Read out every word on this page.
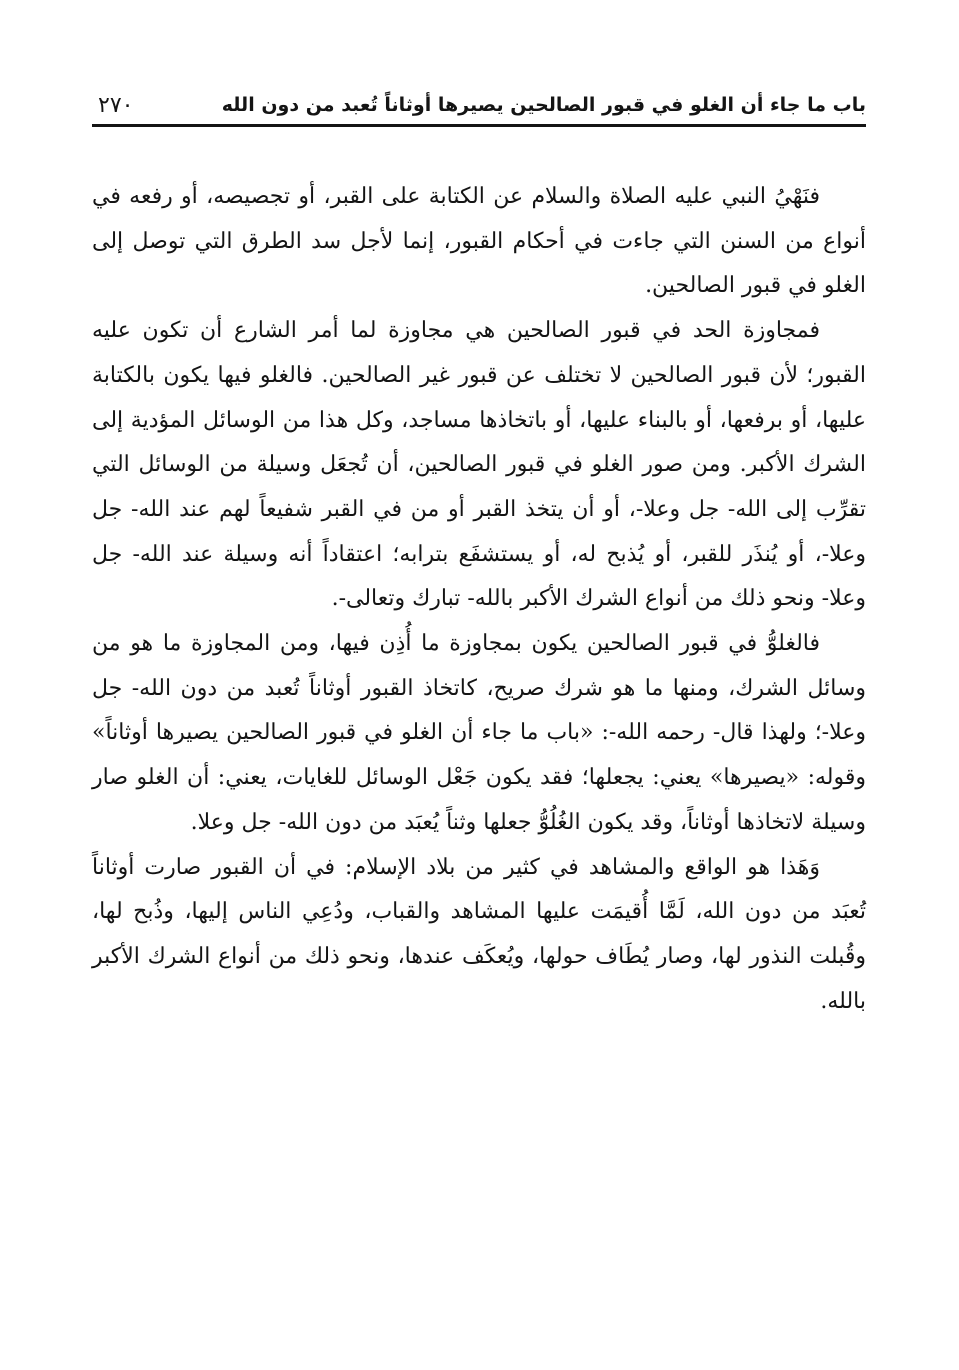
باب ما جاء أن الغلو في قبور الصالحين يصيرها أوثاناً تُعبد من دون الله
٢٧٠

فنَهْيُ النبي عليه الصلاة والسلام عن الكتابة على القبر، أو تجصيصه، أو رفعه في أنواع من السنن التي جاءت في أحكام القبور، إنما لأجل سد الطرق التي توصل إلى الغلو في قبور الصالحين.

فمجاوزة الحد في قبور الصالحين هي مجاوزة لما أمر الشارع أن تكون عليه القبور؛ لأن قبور الصالحين لا تختلف عن قبور غير الصالحين. فالغلو فيها يكون بالكتابة عليها، أو برفعها، أو بالبناء عليها، أو باتخاذها مساجد، وكل هذا من الوسائل المؤدية إلى الشرك الأكبر. ومن صور الغلو في قبور الصالحين، أن تُجعَل وسيلة من الوسائل التي تقرِّب إلى الله- جل وعلا-، أو أن يتخذ القبر أو من في القبر شفيعاً لهم عند الله- جل وعلا-، أو يُنذَر للقبر، أو يُذبح له، أو يستشفَع بترابه؛ اعتقاداً أنه وسيلة عند الله- جل وعلا- ونحو ذلك من أنواع الشرك الأكبر بالله- تبارك وتعالى-.

فالغلوُّ في قبور الصالحين يكون بمجاوزة ما أُذِن فيها، ومن المجاوزة ما هو من وسائل الشرك، ومنها ما هو شرك صريح، كاتخاذ القبور أوثاناً تُعبد من دون الله- جل وعلا-؛ ولهذا قال- رحمه الله-: «باب ما جاء أن الغلو في قبور الصالحين يصيرها أوثاناً» وقوله: «يصيرها» يعني: يجعلها؛ فقد يكون جَعْل الوسائل للغايات، يعني: أن الغلو صار وسيلة لاتخاذها أوثاناً، وقد يكون الغُلُوُّ جعلها وثناً يُعبَد من دون الله- جل وعلا.

وَهَذا هو الواقع والمشاهد في كثير من بلاد الإسلام: في أن القبور صارت أوثاناً تُعبَد من دون الله، لَمَّا أُقيمَت عليها المشاهد والقباب، ودُعِي الناس إليها، وذُبح لها، وقُبلت النذور لها، وصار يُطَاف حولها، ويُعكَف عندها، ونحو ذلك من أنواع الشرك الأكبر بالله.
